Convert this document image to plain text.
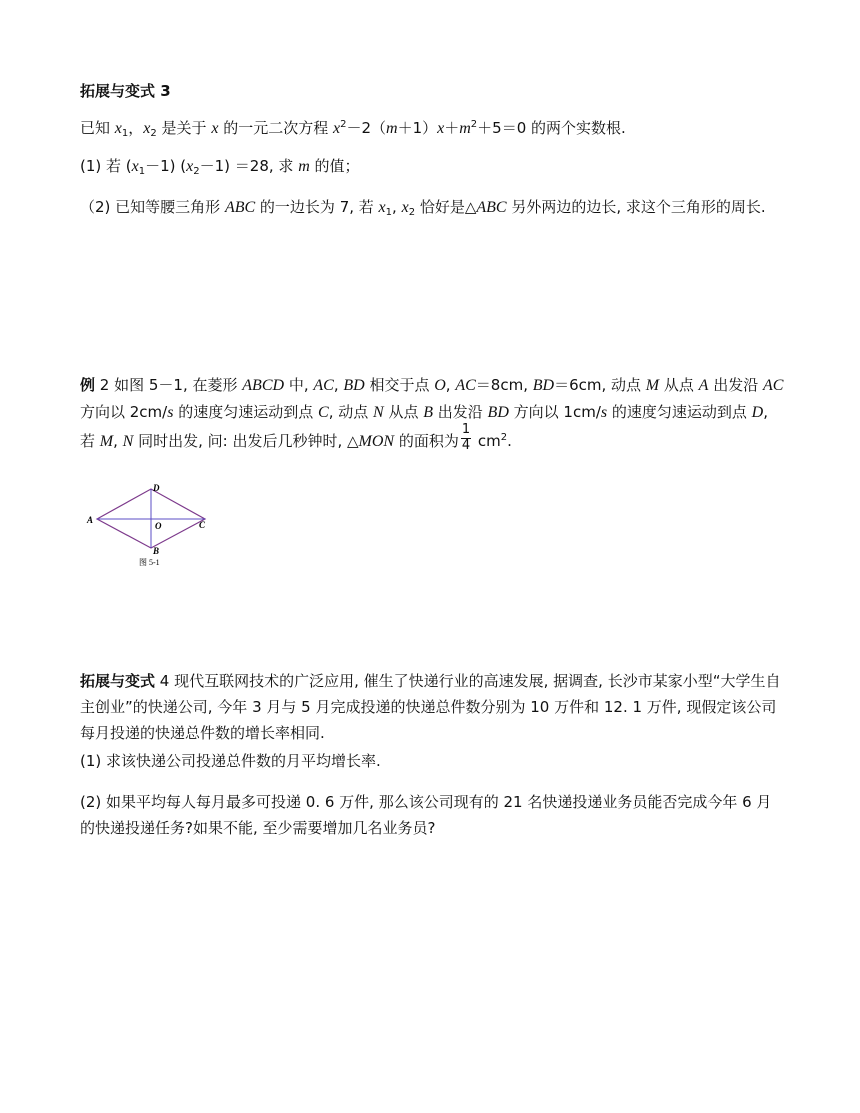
拓展与变式 3
已知 $x_1$，$x_2$ 是关于 x 的一元二次方程 $x^2-2(m+1)x+m^2+5=0$ 的两个实数根.
(1) 若 $(x_1-1)$ $(x_2-1) =28$, 求 m 的值；
（2) 已知等腰三角形 ABC 的一边长为 7, 若 $x_1$, $x_2$ 恰好是△ABC 另外两边的边长, 求这个三角形的周长.
例 2 如图 5－1, 在菱形 ABCD 中, AC, BD 相交于点 O, AC＝8cm, BD＝6cm, 动点 M 从点 A 出发沿 AC 方向以 2cm/s 的速度匀速运动到点 C, 动点 N 从点 B 出发沿 BD 方向以 1cm/s 的速度匀速运动到点 D, 若 M, N 同时出发, 问: 出发后几秒钟时, △MON 的面积为 $\frac{1}{4} cm^2$.
A
D
C
B
O
图 5-1
拓展与变式 4 现代互联网技术的广泛应用, 催生了快递行业的高速发展, 据调查, 长沙市某家小型“大学生自主创业”的快递公司, 今年 3 月与 5 月完成投递的快递总件数分别为 10 万件和 12. 1 万件, 现假定该公司每月投递的快递总件数的增长率相同.
(1) 求该快递公司投递总件数的月平均增长率.
(2) 如果平均每人每月最多可投递 0. 6 万件, 那么该公司现有的 21 名快递投递业务员能否完成今年 6 月的快递投递任务?如果不能, 至少需要增加几名业务员?
